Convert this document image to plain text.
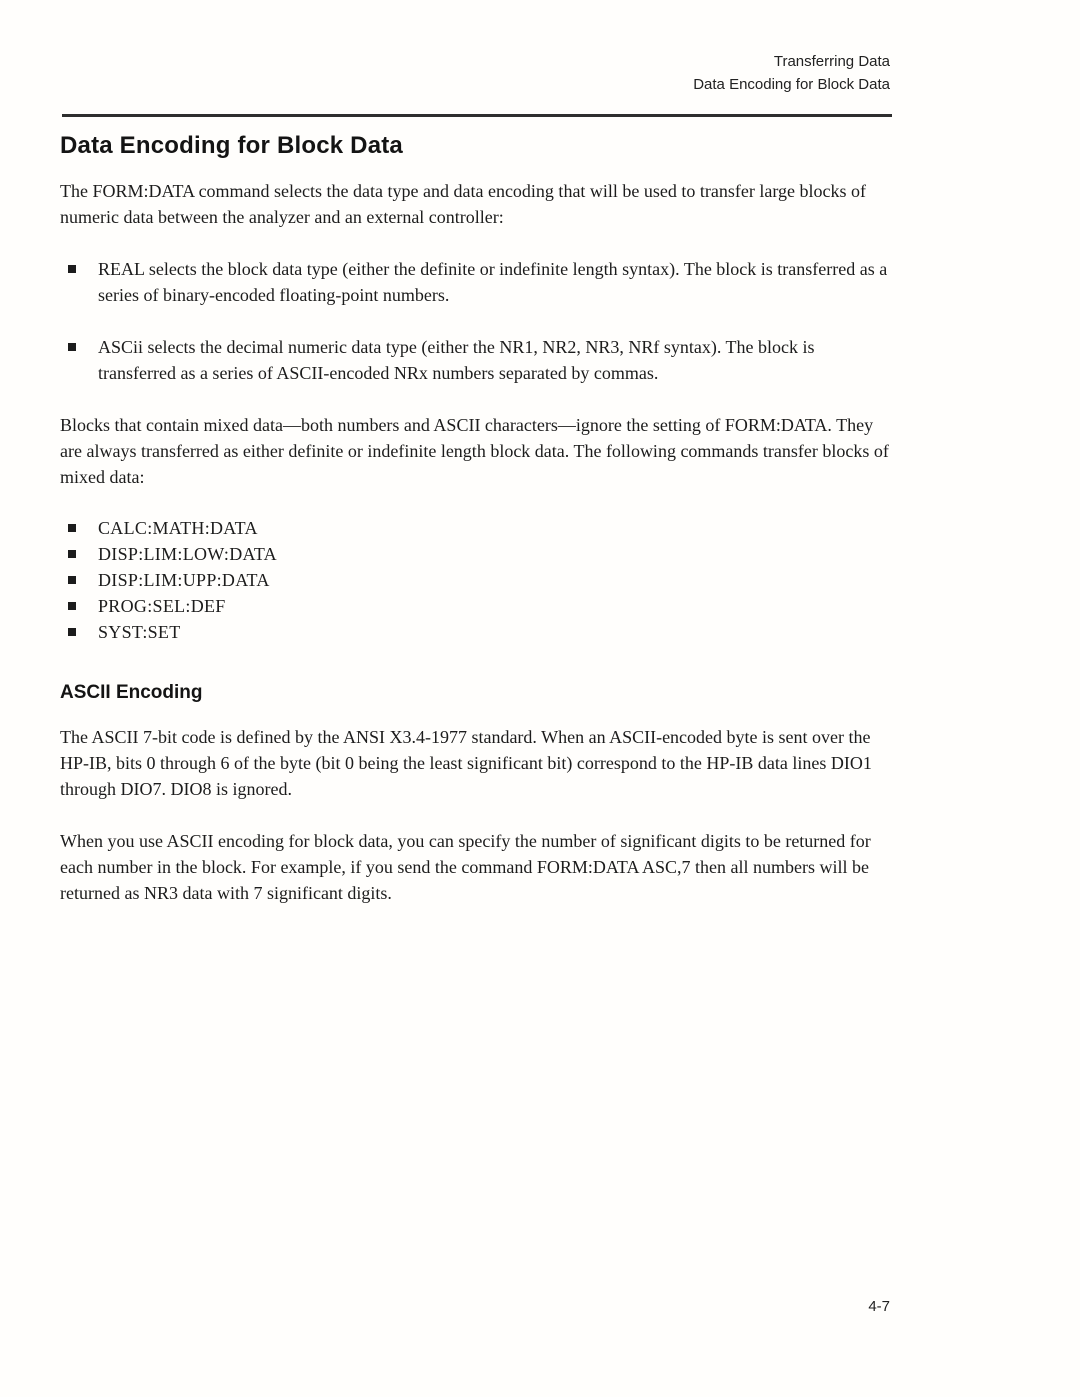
Transferring Data
Data Encoding for Block Data
Data Encoding for Block Data

The FORM:DATA command selects the data type and data encoding that will be used to transfer large blocks of numeric data between the analyzer and an external controller:

REAL selects the block data type (either the definite or indefinite length syntax). The block is transferred as a series of binary-encoded floating-point numbers.
ASCii selects the decimal numeric data type (either the NR1, NR2, NR3, NRf syntax). The block is transferred as a series of ASCII-encoded NRx numbers separated by commas.

Blocks that contain mixed data—both numbers and ASCII characters—ignore the setting of FORM:DATA. They are always transferred as either definite or indefinite length block data. The following commands transfer blocks of mixed data:

CALC:MATH:DATA
DISP:LIM:LOW:DATA
DISP:LIM:UPP:DATA
PROG:SEL:DEF
SYST:SET
ASCII Encoding

The ASCII 7-bit code is defined by the ANSI X3.4-1977 standard. When an ASCII-encoded byte is sent over the HP-IB, bits 0 through 6 of the byte (bit 0 being the least significant bit) correspond to the HP-IB data lines DIO1 through DIO7. DIO8 is ignored.

When you use ASCII encoding for block data, you can specify the number of significant digits to be returned for each number in the block. For example, if you send the command FORM:DATA ASC,7 then all numbers will be returned as NR3 data with 7 significant digits.

4-7
